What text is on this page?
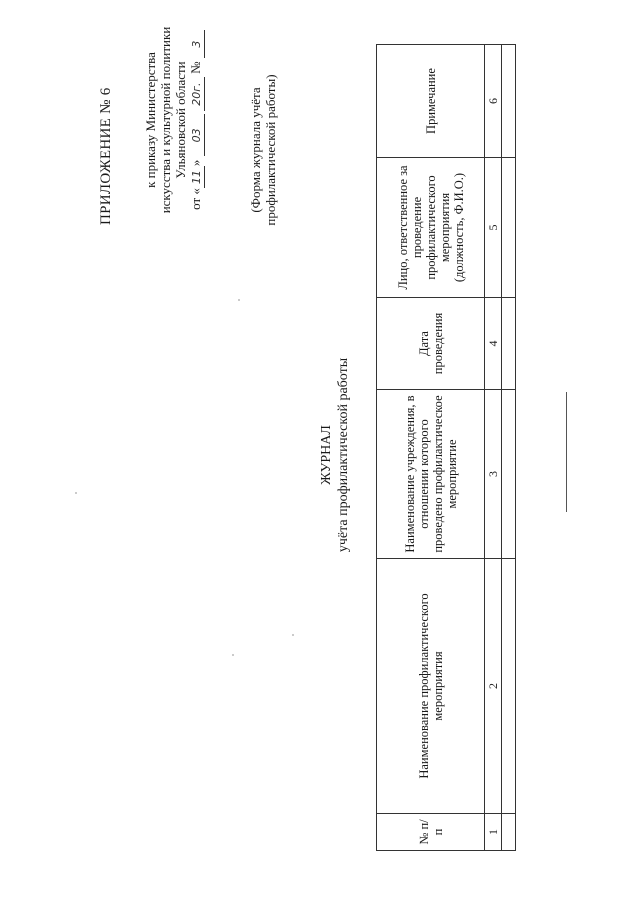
ПРИЛОЖЕНИЕ № 6 к приказу Министерства искусства и культурной политики Ульяновской области
от «11» 03 20г. № 3
(Форма журнала учёта профилактической работы)
ЖУРНАЛ учёта профилактической работы
№ п/п	Наименование профилактического мероприятия	Наименование учреждения, в отношении которого проведено профилактическое мероприятие	Дата проведения	Лицо, ответственное за проведение профилактического мероприятия (должность, Ф.И.О.)	Примечание
1	2	3	4	5	6
